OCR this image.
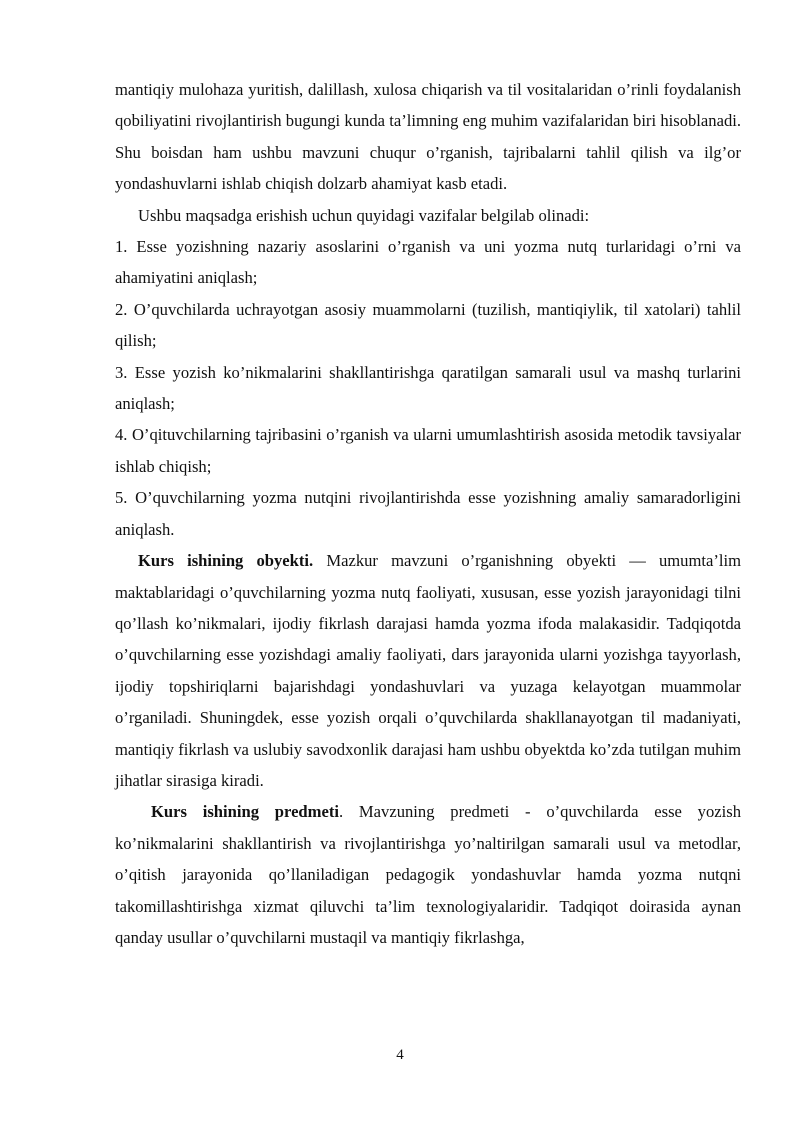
mantiqiy mulohaza yuritish, dalillash, xulosa chiqarish va til vositalaridan o’rinli foydalanish qobiliyatini rivojlantirish bugungi kunda ta’limning eng muhim vazifalaridan biri hisoblanadi. Shu boisdan ham ushbu mavzuni chuqur o’rganish, tajribalarni tahlil qilish va ilg’or yondashuvlarni ishlab chiqish dolzarb ahamiyat kasb etadi.

Ushbu maqsadga erishish uchun quyidagi vazifalar belgilab olinadi:

1. Esse yozishning nazariy asoslarini o’rganish va uni yozma nutq turlaridagi o’rni va ahamiyatini aniqlash;

2. O’quvchilarda uchrayotgan asosiy muammolarni (tuzilish, mantiqiylik, til xatolari) tahlil qilish;

3. Esse yozish ko’nikmalarini shakllantirishga qaratilgan samarali usul va mashq turlarini aniqlash;

4. O’qituvchilarning tajribasini o’rganish va ularni umumlashtirish asosida metodik tavsiyalar ishlab chiqish;

5. O’quvchilarning yozma nutqini rivojlantirishda esse yozishning amaliy samaradorligini aniqlash.

Kurs ishining obyekti. Mazkur mavzuni o’rganishning obyekti — umumta’lim maktablaridagi o’quvchilarning yozma nutq faoliyati, xususan, esse yozish jarayonidagi tilni qo’llash ko’nikmalari, ijodiy fikrlash darajasi hamda yozma ifoda malakasidir. Tadqiqotda o’quvchilarning esse yozishdagi amaliy faoliyati, dars jarayonida ularni yozishga tayyorlash, ijodiy topshiriqlarni bajarishdagi yondashuvlari va yuzaga kelayotgan muammolar o’rganiladi. Shuningdek, esse yozish orqali o’quvchilarda shakllanayotgan til madaniyati, mantiqiy fikrlash va uslubiy savodxonlik darajasi ham ushbu obyektda ko’zda tutilgan muhim jihatlar sirasiga kiradi.

Kurs ishining predmeti. Mavzuning predmeti - o’quvchilarda esse yozish ko’nikmalarini shakllantirish va rivojlantirishga yo’naltirilgan samarali usul va metodlar, o’qitish jarayonida qo’llaniladigan pedagogik yondashuvlar hamda yozma nutqni takomillashtirishga xizmat qiluvchi ta’lim texnologiyalaridir. Tadqiqot doirasida aynan qanday usullar o’quvchilarni mustaqil va mantiqiy fikrlashga,

4
